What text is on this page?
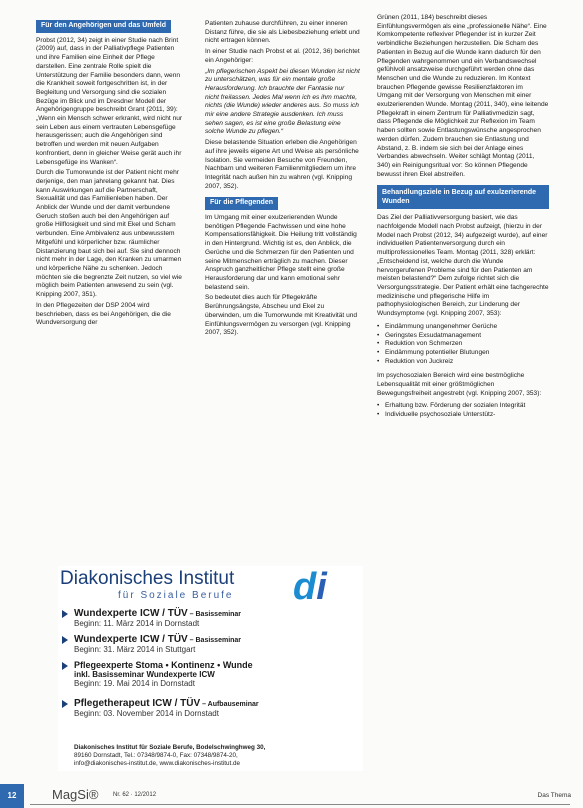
Für den Angehörigen und das Umfeld

Probst (2012, 34) zeigt in einer Studie nach Brint (2009) auf, dass in der Palliativpflege Patienten und ihre Familien eine Einheit der Pflege darstellen. Eine zentrale Rolle spielt die Unterstützung der Familie besonders dann, wenn die Krankheit soweit fortgeschritten ist, in der Begleitung und Versorgung sind die sozialen Bezüge im Blick und im Dresdner Modell der Angehörigengruppe beschreibt Grant (2011, 39): „Wenn ein Mensch schwer erkrankt, wird nicht nur sein Leben aus einem vertrauten Lebensgefüge herausgerissen; auch die Angehörigen sind betroffen und werden mit neuen Aufgaben konfrontiert, denn in gleicher Weise gerät auch ihr Lebensgefüge ins Wanken“.

Durch die Tumorwunde ist der Patient nicht mehr derjenige, den man jahrelang gekannt hat. Dies kann Auswirkungen auf die Partnerschaft, Sexualität und das Familienleben haben. Der Anblick der Wunde und der damit verbundene Geruch stoßen auch bei den Angehörigen auf große Hilflosigkeit und sind mit Ekel und Scham verbunden. Eine Ambivalenz aus unbewusstem Mitgefühl und körperlicher bzw. räumlicher Distanzierung baut sich bei auf. Sie sind dennoch nicht mehr in der Lage, den Kranken zu umarmen und körperliche Nähe zu schenken. Jedoch möchten sie die begrenzte Zeit nutzen, so viel wie möglich beim Patienten anwesend zu sein (vgl. Knipping 2007, 351).

In den Pflegezeiten der DSP 2004 wird beschrieben, dass es bei Angehörigen, die die Wundversorgung der

Patienten zuhause durchführen, zu einer inneren Distanz führe, die sie als Liebesbeziehung erlebt und nicht ertragen können.

In einer Studie nach Probst et al. (2012, 36) berichtet ein Angehöriger:

„Im pflegerischen Aspekt bei diesen Wunden ist nicht zu unterschätzen, was für ein mentale große Herausforderung. Ich brauchte der Fantasie nur nicht freilassen. Jedes Mal wenn ich es ihm machte, nichts (die Wunde) wieder anderes aus. So muss ich mir eine andere Strategie ausdenken. Ich muss sehen sagen, es ist eine große Belastung eine solche Wunde zu pflegen.“

Diese belastende Situation erleben die Angehörigen auf ihre jeweils eigene Art und Weise als persönliche Isolation. Sie vermeiden Besuche von Freunden, Nachbarn und weiteren Familienmitgliedern um ihre Integrität nach außen hin zu wahren (vgl. Knipping 2007, 352).

Für die Pflegenden

Im Umgang mit einer exulzerierenden Wunde benötigen Pflegende Fachwissen und eine hohe Kompensationsfähigkeit. Die Heilung tritt vollständig in den Hintergrund. Wichtig ist es, den Anblick, die Gerüche und die Schmerzen für den Patienten und seine Mitmenschen erträglich zu machen. Dieser Anspruch ganzheitlicher Pflege stellt eine große Herausforderung dar und kann emotional sehr belastend sein.

So bedeutet dies auch für Pflegekräfte Berührungsängste, Abscheu und Ekel zu überwinden, um die Tumorwunde mit Kreativität und Einfühlungsvermögen zu versorgen (vgl. Knipping 2007, 352).

Grünen (2011, 184) beschreibt dieses Einfühlungsvermögen als eine „professionelle Nähe“. Eine Komkompetente reflexiver Pflegender ist in kurzer Zeit verbindliche Beziehungen herzustellen. Die Scham des Patienten in Bezug auf die Wunde kann dadurch für den Pflegenden wahrgenommen und ein Verbandswechsel gefühlvoll ansatzweise durchgeführt werden ohne das Menschen und die Wunde zu reduzieren. Im Kontext brauchen Pflegende gewisse Resilienzfaktoren im Umgang mit der Versorgung von Menschen mit einer exulzerierenden Wunde. Montag (2011, 340), eine leitende Pflegekraft in einem Zentrum für Palliativmedizin sagt, dass Pflegende die Möglichkeit zur Reflexion im Team haben sollten sowie Entlastungswünsche angesprochen werden dürfen. Zudem brauchen sie Entlastung und Abstand, z. B. indem sie sich bei der Anlage eines Verbandes abwechseln. Weiter schlägt Montag (2011, 340) ein Reinigungsritual vor: So können Pflegende bewusst ihren Ekel abstreifen.

Behandlungsziele in Bezug auf exulzerierende Wunden

Das Ziel der Palliativversorgung basiert, wie das nachfolgende Modell nach Probst aufzeigt, (hierzu in der Model nach Probst (2012, 34) aufgezeigt wurde), auf einer individuellen Patientenversorgung durch ein multiprofessionelles Team. Montag (2011, 328) erklärt: „Entscheidend ist, welche durch die Wunde hervorgerufenen Probleme sind für den Patienten am meisten belastend?“ Dem zufolge richtet sich die Versorgungsstrategie. Der Patient erhält eine fachgerechte medizinische und pflegerische Hilfe im pathophysiologischen Bereich, zur Linderung der Wundsymptome (vgl. Knipping 2007, 353):

• Eindämmung unangenehmer Gerüche
• Geringstes Exsudatmanagement
• Reduktion von Schmerzen
• Eindämmung potentieller Blutungen
• Reduktion von Juckreiz

Im psychosozialen Bereich wird eine bestmögliche Lebensqualität mit einer größtmöglichen Bewegungsfreiheit angestrebt (vgl. Knipping 2007, 353):

• Erhaltung bzw. Förderung der sozialen Integrität
• Individuelle psychosoziale Unterstütz-
Diakonisches Institut
für Soziale Berufe di
Wundexperte ICW / TÜV – Basisseminar
Beginn: 11. März 2014 in Dornstadt
Wundexperte ICW / TÜV – Basisseminar
Beginn: 31. März 2014 in Stuttgart
Pflegeexperte Stoma • Kontinenz • Wunde
inkl. Basisseminar Wundexperte ICW
Beginn: 19. Mai 2014 in Dornstadt
Pflegetherapeut ICW / TÜV – Aufbauseminar
Beginn: 03. November 2014 in Dornstadt
Diakonisches Institut für Soziale Berufe, Bodelschwinghweg 30,
89160 Dornstadt, Tel.: 07348/9874-0, Fax: 07348/9874-20,
info@diakonisches-institut.de, www.diakonisches-institut.de
12	MagSi® Nr. 62 · 12/2012	Das Thema
